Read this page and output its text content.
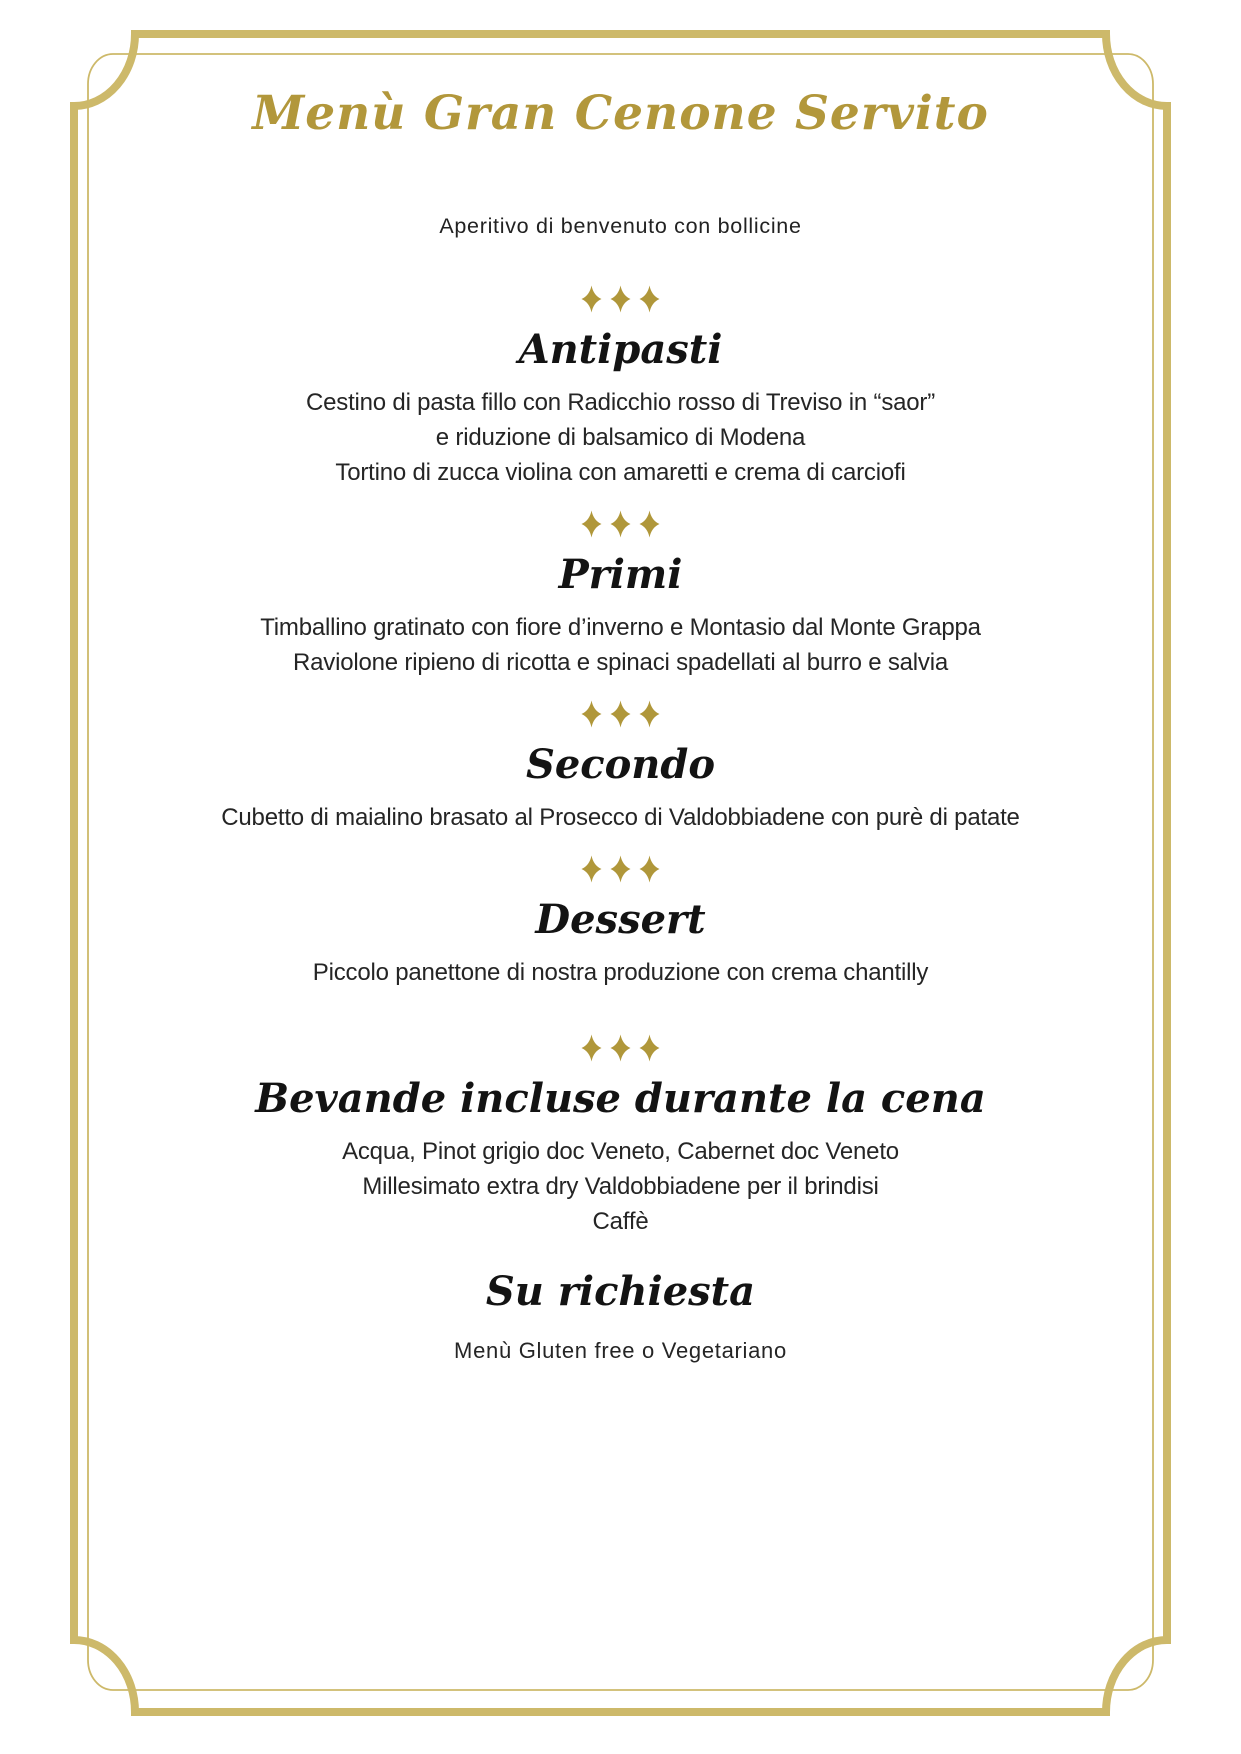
Menù Gran Cenone Servito
Aperitivo di benvenuto con bollicine
Antipasti
Cestino di pasta fillo con Radicchio rosso di Treviso in “saor”
e riduzione di balsamico di Modena
Tortino di zucca violina con amaretti e crema di carciofi
Primi
Timballino gratinato con fiore d’inverno e Montasio dal Monte Grappa
Raviolone ripieno di ricotta e spinaci spadellati al burro e salvia
Secondo
Cubetto di maialino brasato al Prosecco di Valdobbiadene con purè di patate
Dessert
Piccolo panettone di nostra produzione con crema chantilly
Bevande incluse durante la cena
Acqua, Pinot grigio doc Veneto, Cabernet doc Veneto
Millesimato extra dry Valdobbiadene per il brindisi
Caffè
Su richiesta
Menù Gluten free o Vegetariano
